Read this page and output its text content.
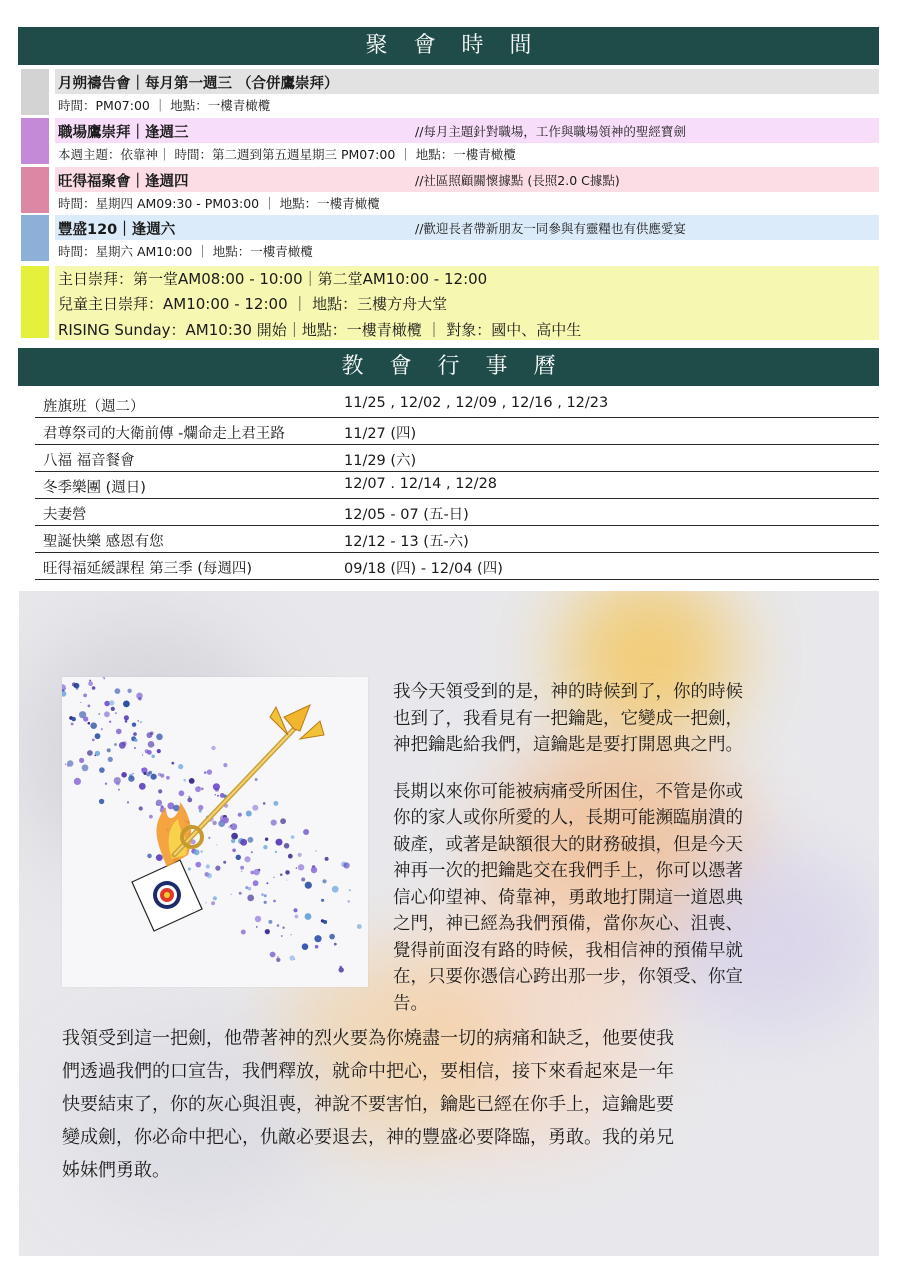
聚會時間
月朔禱告會｜每月第一週三 （合併鷹崇拜）
時間：PM07:00 ｜ 地點：一樓青橄欖
職場鷹崇拜｜逢週三	//每月主題針對職場，工作與職場領神的聖經寶劍
本週主題：依靠神｜ 時間：第二週到第五週星期三 PM07:00 ｜ 地點：一樓青橄欖
旺得福聚會｜逢週四	//社區照顧關懷據點 (長照2.0 C據點)
時間：星期四 AM09:30 - PM03:00 ｜ 地點：一樓青橄欖
豐盛120｜逢週六	//歡迎長者帶新朋友一同參與有靈糧也有供應愛宴
時間：星期六 AM10:00 ｜ 地點：一樓青橄欖
主日崇拜：第一堂AM08:00 - 10:00｜第二堂AM10:00 - 12:00
兒童主日崇拜：AM10:00 - 12:00 ｜ 地點：三樓方舟大堂
RISING Sunday：AM10:30 開始｜地點：一樓青橄欖 ｜ 對象：國中、高中生
教會行事曆
旌旗班（週二）	11/25 , 12/02 , 12/09 , 12/16 , 12/23
君尊祭司的大衛前傳 -爛命走上君王路	11/27 (四)
八福 福音餐會	11/29 (六)
冬季樂團 (週日)	12/07 . 12/14 , 12/28
夫妻營	12/05 - 07 (五-日)
聖誕快樂 感恩有您	12/12 - 13 (五-六)
旺得福延緩課程 第三季 (每週四)	09/18 (四) - 12/04 (四)
我今天領受到的是，神的時候到了，你的時候
也到了，我看見有一把鑰匙，它變成一把劍，
神把鑰匙給我們，這鑰匙是要打開恩典之門。
長期以來你可能被病痛受所困住，不管是你或
你的家人或你所愛的人，長期可能瀕臨崩潰的
破產，或著是缺額很大的財務破損，但是今天
神再一次的把鑰匙交在我們手上，你可以憑著
信心仰望神、倚靠神，勇敢地打開這一道恩典
之門，神已經為我們預備，當你灰心、沮喪、
覺得前面沒有路的時候，我相信神的預備早就
在，只要你憑信心跨出那一步，你領受、你宣
告。
我領受到這一把劍，他帶著神的烈火要為你燒盡一切的病痛和缺乏，他要使我
們透過我們的口宣告，我們釋放，就命中把心，要相信，接下來看起來是一年
快要結束了，你的灰心與沮喪，神說不要害怕，鑰匙已經在你手上，這鑰匙要
變成劍，你必命中把心，仇敵必要退去，神的豐盛必要降臨，勇敢。我的弟兄
姊妹們勇敢。
